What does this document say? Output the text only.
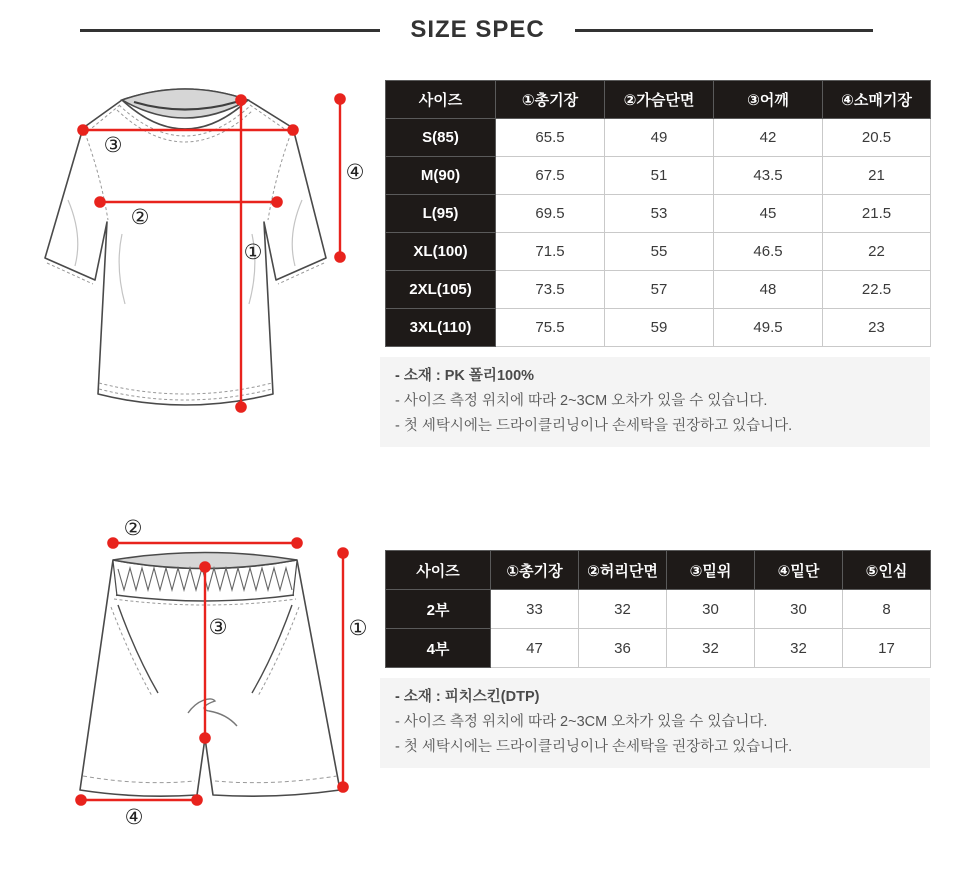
SIZE SPEC
①
②
③
④
사이즈	①총기장	②가슴단면	③어깨	④소매기장
S(85)	65.5	49	42	20.5
M(90)	67.5	51	43.5	21
L(95)	69.5	53	45	21.5
XL(100)	71.5	55	46.5	22
2XL(105)	73.5	57	48	22.5
3XL(110)	75.5	59	49.5	23

- 소재 : PK 폴리100%

- 사이즈 측정 위치에 따라 2~3CM 오차가 있을 수 있습니다.

- 첫 세탁시에는 드라이클리닝이나 손세탁을 권장하고 있습니다.

①
②
③
④
사이즈	①총기장	②허리단면	③밑위	④밑단	⑤인심
2부	33	32	30	30	8
4부	47	36	32	32	17

- 소재 : 피치스킨(DTP)

- 사이즈 측정 위치에 따라 2~3CM 오차가 있을 수 있습니다.

- 첫 세탁시에는 드라이클리닝이나 손세탁을 권장하고 있습니다.
